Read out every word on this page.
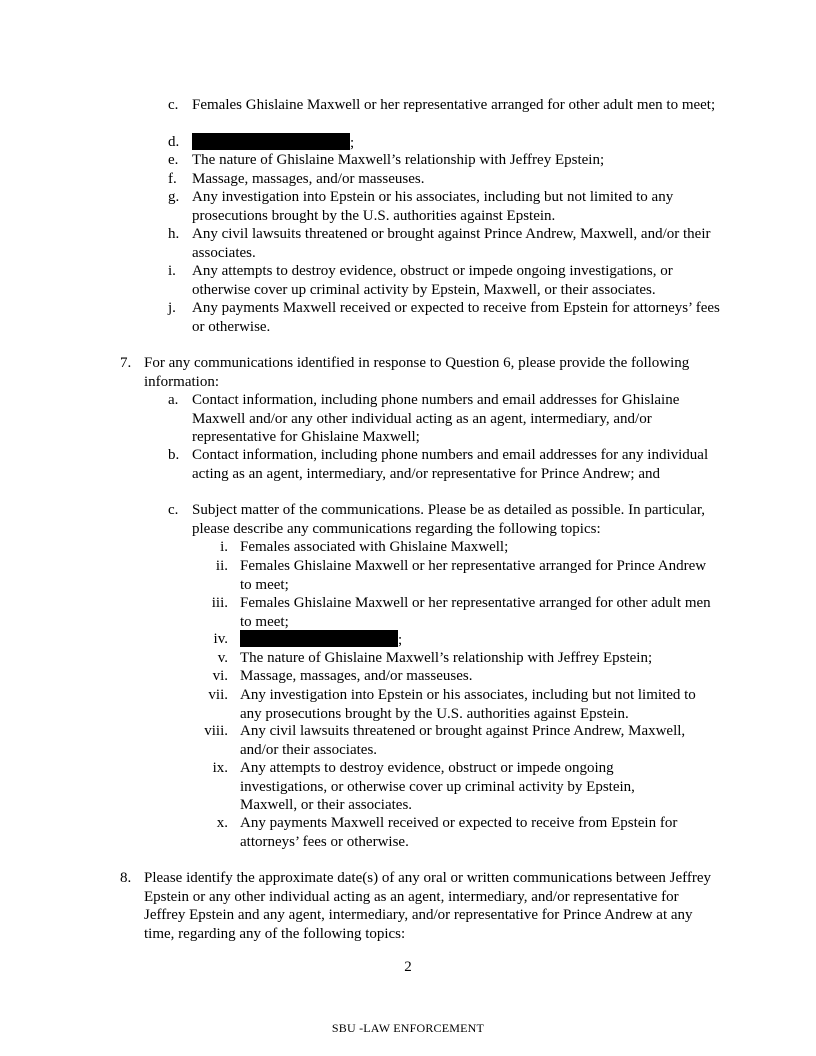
c. Females Ghislaine Maxwell or her representative arranged for other adult men to meet;
d.	;
e. The nature of Ghislaine Maxwell’s relationship with Jeffrey Epstein;
f. Massage, massages, and/or masseuses.
g. Any investigation into Epstein or his associates, including but not limited to any prosecutions brought by the U.S. authorities against Epstein.
h. Any civil lawsuits threatened or brought against Prince Andrew, Maxwell, and/or their associates.
i. Any attempts to destroy evidence, obstruct or impede ongoing investigations, or otherwise cover up criminal activity by Epstein, Maxwell, or their associates.
j. Any payments Maxwell received or expected to receive from Epstein for attorneys’ fees or otherwise.
7. For any communications identified in response to Question 6, please provide the following information:
a. Contact information, including phone numbers and email addresses for Ghislaine Maxwell and/or any other individual acting as an agent, intermediary, and/or representative for Ghislaine Maxwell;
b. Contact information, including phone numbers and email addresses for any individual acting as an agent, intermediary, and/or representative for Prince Andrew; and
c. Subject matter of the communications. Please be as detailed as possible. In particular, please describe any communications regarding the following topics:
i. Females associated with Ghislaine Maxwell;
ii. Females Ghislaine Maxwell or her representative arranged for Prince Andrew to meet;
iii. Females Ghislaine Maxwell or her representative arranged for other adult men to meet;
iv.	;
v. The nature of Ghislaine Maxwell’s relationship with Jeffrey Epstein;
vi. Massage, massages, and/or masseuses.
vii. Any investigation into Epstein or his associates, including but not limited to any prosecutions brought by the U.S. authorities against Epstein.
viii. Any civil lawsuits threatened or brought against Prince Andrew, Maxwell, and/or their associates.
ix. Any attempts to destroy evidence, obstruct or impede ongoing investigations, or otherwise cover up criminal activity by Epstein, Maxwell, or their associates.
x. Any payments Maxwell received or expected to receive from Epstein for attorneys’ fees or otherwise.
8. Please identify the approximate date(s) of any oral or written communications between Jeffrey Epstein or any other individual acting as an agent, intermediary, and/or representative for Jeffrey Epstein and any agent, intermediary, and/or representative for Prince Andrew at any time, regarding any of the following topics:
2
SBU -LAW ENFORCEMENT
